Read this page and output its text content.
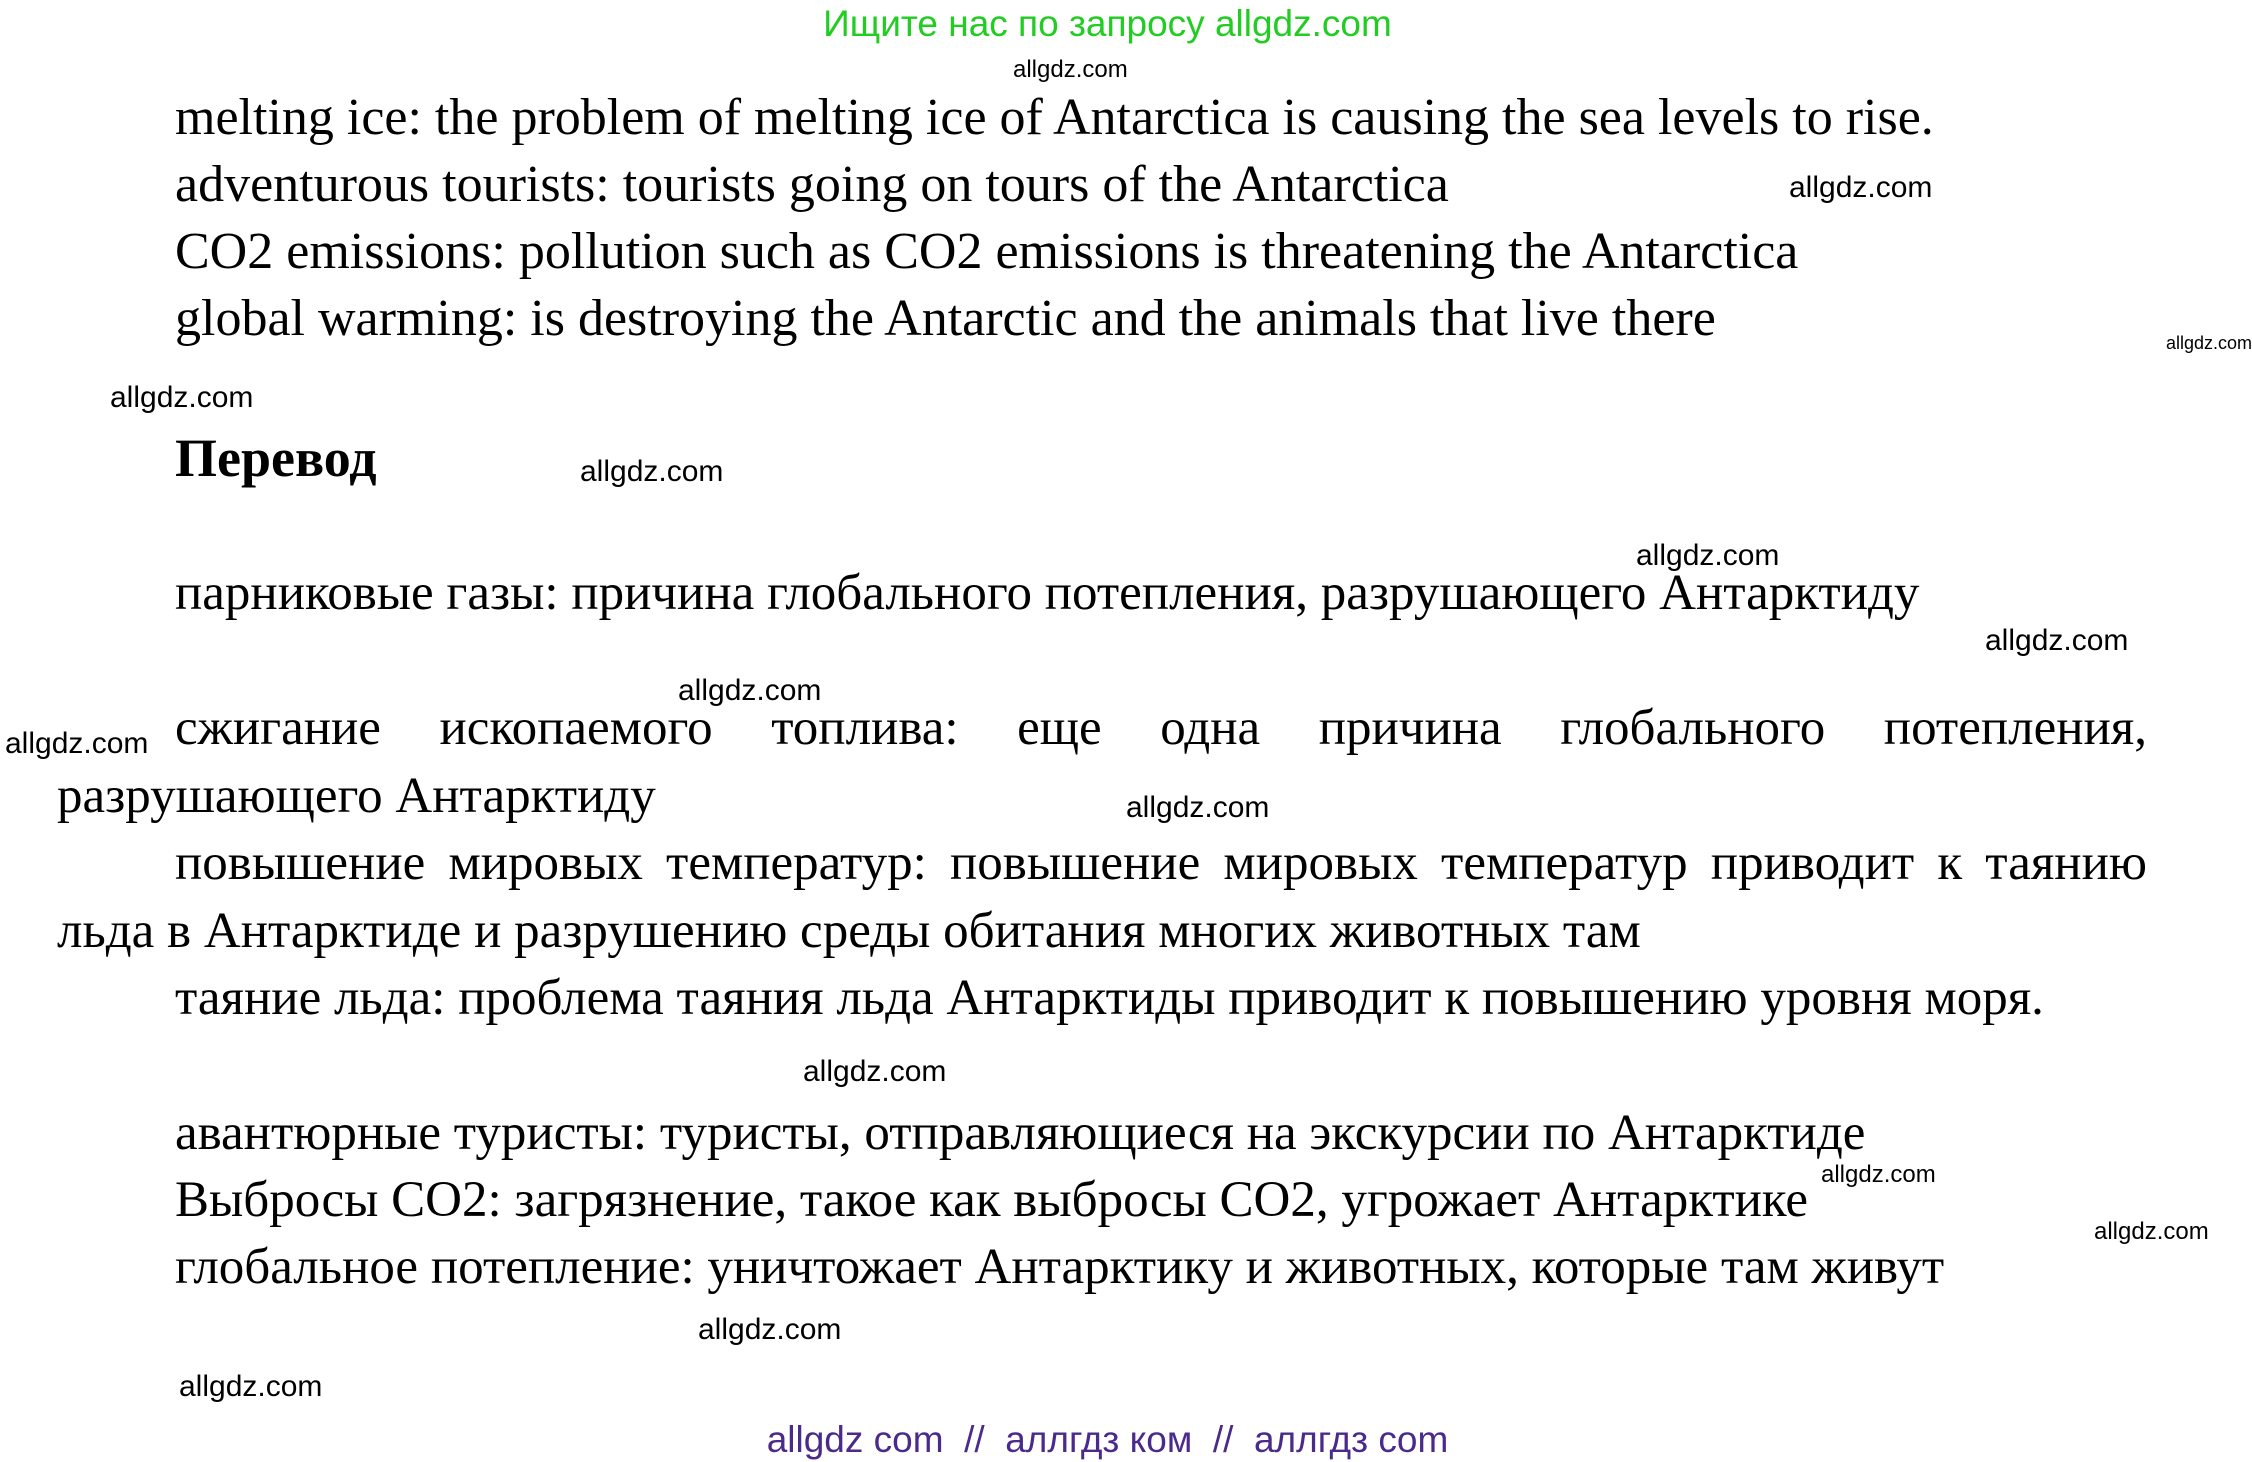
Ищите нас по запросу allgdz.com
melting ice: the problem of melting ice of Antarctica is causing the sea levels to rise.
adventurous tourists: tourists going on tours of the Antarctica
CO2 emissions: pollution such as CO2 emissions is threatening the Antarctica
global warming: is destroying the Antarctic and the animals that live there
Перевод
парниковые газы: причина глобального потепления, разрушающего Антарктиду
сжигание ископаемого топлива: еще одна причина глобального потепления, разрушающего Антарктиду
повышение мировых температур: повышение мировых температур приводит к таянию льда в Антарктиде и разрушению среды обитания многих животных там
таяние льда: проблема таяния льда Антарктиды приводит к повышению уровня моря.
авантюрные туристы: туристы, отправляющиеся на экскурсии по Антарктиде
Выбросы CO2: загрязнение, такое как выбросы CO2, угрожает Антарктике
глобальное потепление: уничтожает Антарктику и животных, которые там живут
allgdz.com
allgdz.com
allgdz.com
allgdz.com
allgdz.com
allgdz.com
allgdz.com
allgdz.com
allgdz.com
allgdz.com
allgdz.com
allgdz.com
allgdz.com
allgdz.com
allgdz.com
allgdz com  //  аллгдз ком  //  аллгдз com
